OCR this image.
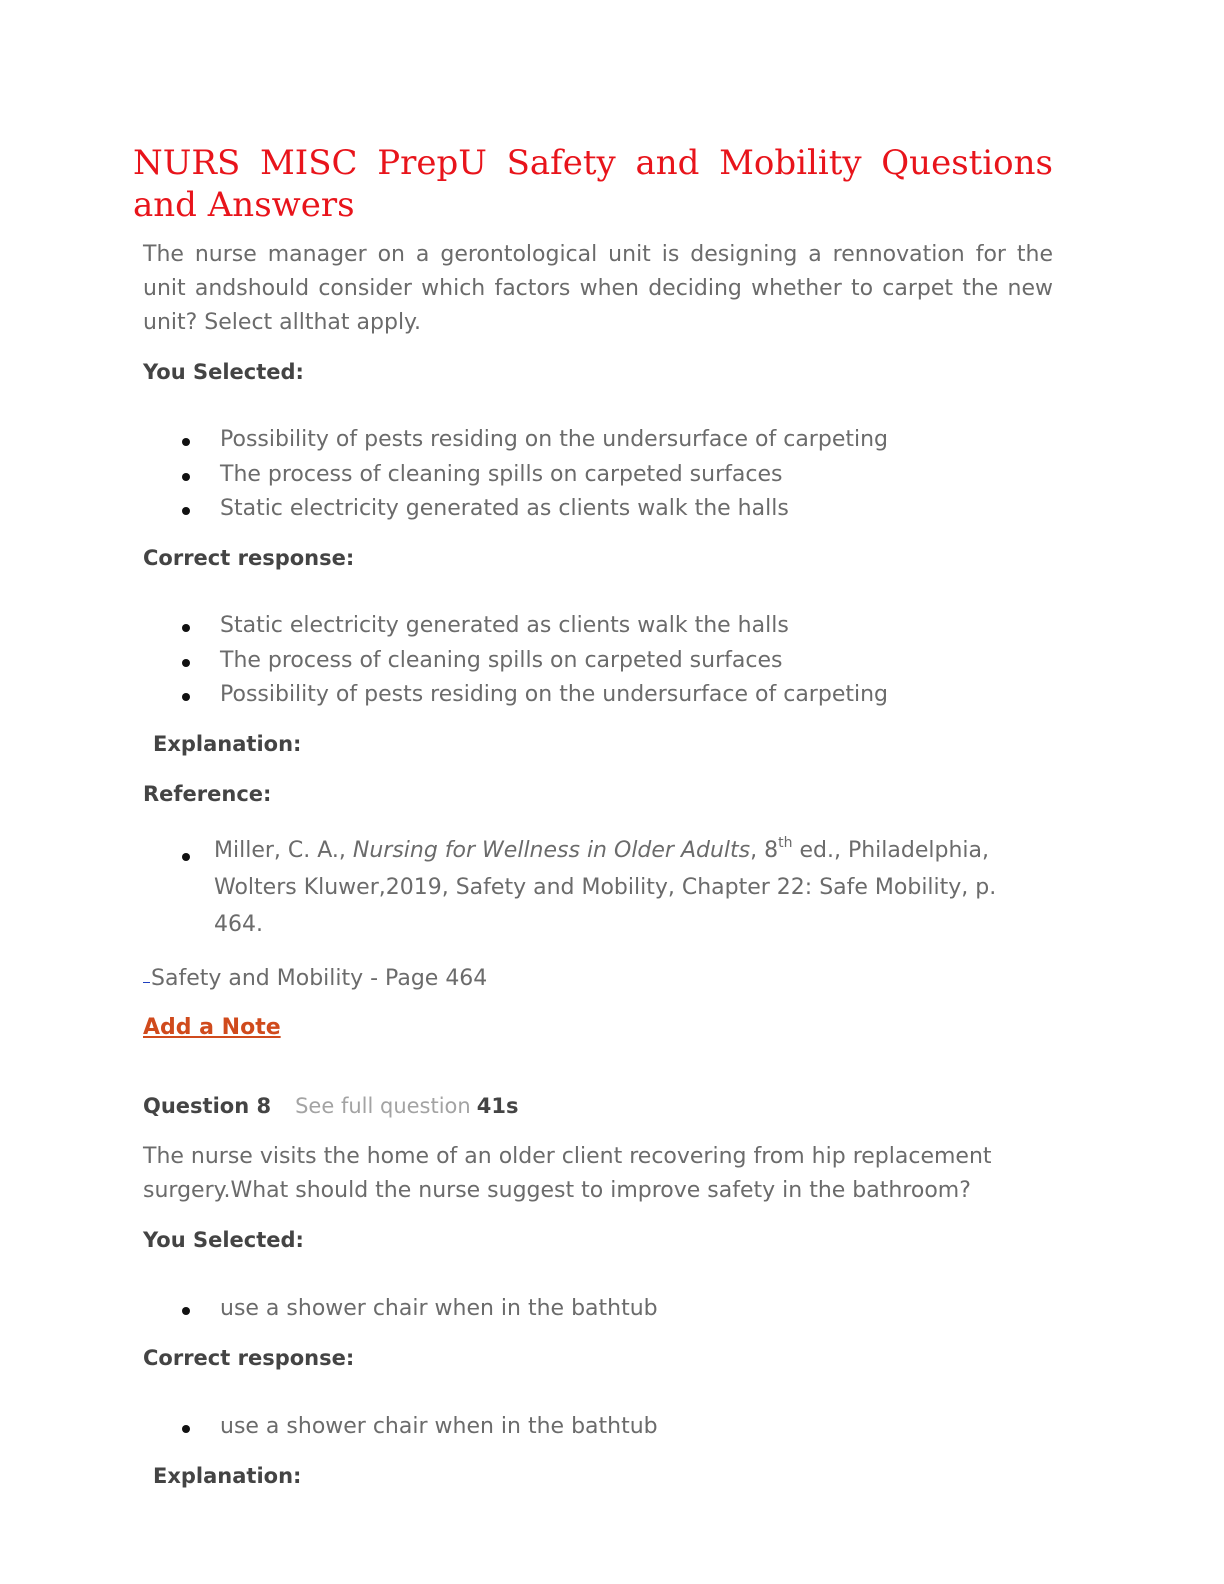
NURS MISC PrepU Safety and Mobility Questions and Answers

The nurse manager on a gerontological unit is designing a rennovation for the unit andshould consider which factors when deciding whether to carpet the new unit? Select allthat apply.

You Selected:

Possibility of pests residing on the undersurface of carpeting
The process of cleaning spills on carpeted surfaces
Static electricity generated as clients walk the halls

Correct response:

Static electricity generated as clients walk the halls
The process of cleaning spills on carpeted surfaces
Possibility of pests residing on the undersurface of carpeting

Explanation:

Reference:

Miller, C. A., Nursing for Wellness in Older Adults, 8th ed., Philadelphia, Wolters Kluwer,2019, Safety and Mobility, Chapter 22: Safe Mobility, p. 464.

Safety and Mobility - Page 464

Add a Note
Question 8 See full question 41s

The nurse visits the home of an older client recovering from hip replacement surgery.What should the nurse suggest to improve safety in the bathroom?

You Selected:

use a shower chair when in the bathtub

Correct response:

use a shower chair when in the bathtub

Explanation:
